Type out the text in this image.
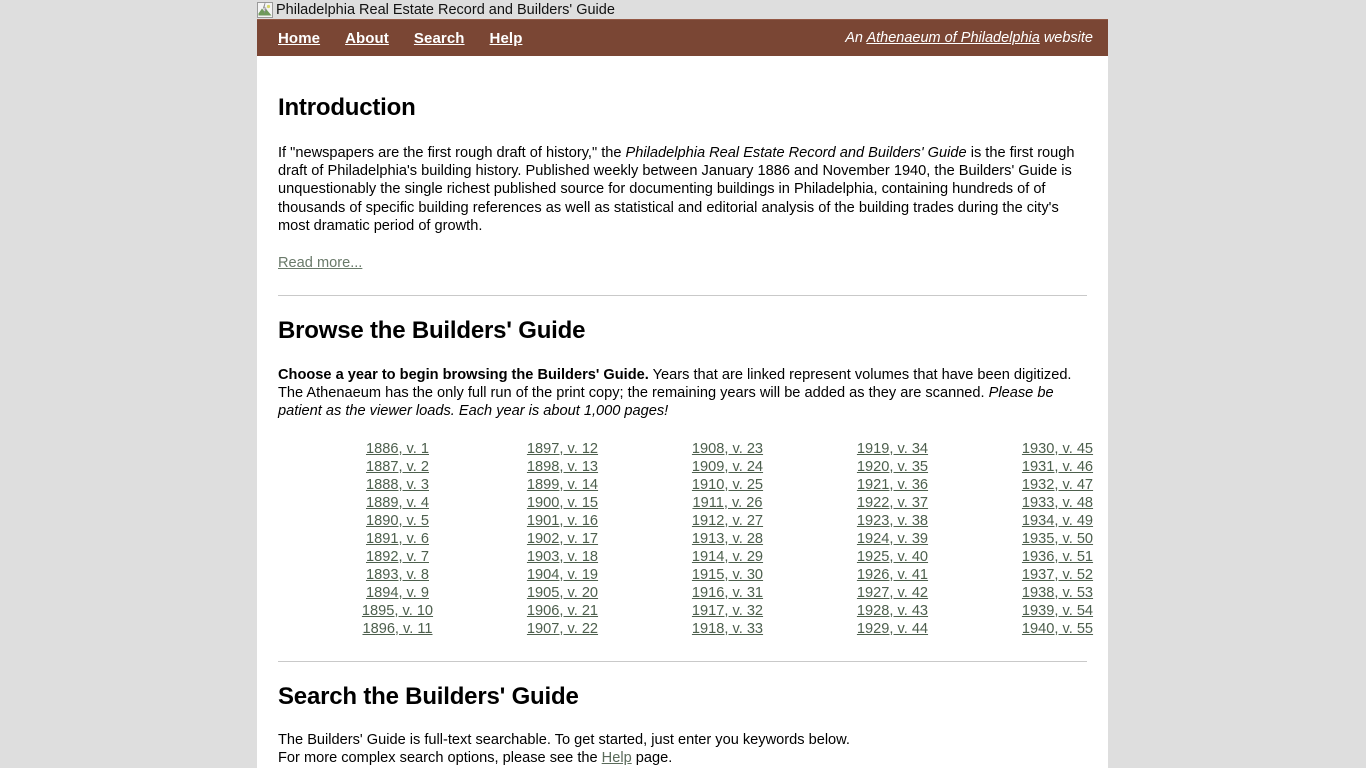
Philadelphia Real Estate Record and Builders' Guide
Home About Search Help	An Athenaeum of Philadelphia website
Introduction

If "newspapers are the first rough draft of history," the Philadelphia Real Estate Record and Builders' Guide is the first rough draft of Philadelphia's building history. Published weekly between January 1886 and November 1940, the Builders' Guide is unquestionably the single richest published source for documenting buildings in Philadelphia, containing hundreds of of thousands of specific building references as well as statistical and editorial analysis of the building trades during the city's most dramatic period of growth.

Read more...
Browse the Builders' Guide

Choose a year to begin browsing the Builders' Guide. Years that are linked represent volumes that have been digitized. The Athenaeum has the only full run of the print copy; the remaining years will be added as they are scanned. Please be patient as the viewer loads. Each year is about 1,000 pages!

1886, v. 1
1887, v. 2
1888, v. 3
1889, v. 4
1890, v. 5
1891, v. 6
1892, v. 7
1893, v. 8
1894, v. 9
1895, v. 10
1896, v. 11
1897, v. 12
1898, v. 13
1899, v. 14
1900, v. 15
1901, v. 16
1902, v. 17
1903, v. 18
1904, v. 19
1905, v. 20
1906, v. 21
1907, v. 22
1908, v. 23
1909, v. 24
1910, v. 25
1911, v. 26
1912, v. 27
1913, v. 28
1914, v. 29
1915, v. 30
1916, v. 31
1917, v. 32
1918, v. 33
1919, v. 34
1920, v. 35
1921, v. 36
1922, v. 37
1923, v. 38
1924, v. 39
1925, v. 40
1926, v. 41
1927, v. 42
1928, v. 43
1929, v. 44
1930, v. 45
1931, v. 46
1932, v. 47
1933, v. 48
1934, v. 49
1935, v. 50
1936, v. 51
1937, v. 52
1938, v. 53
1939, v. 54
1940, v. 55
Search the Builders' Guide

The Builders' Guide is full-text searchable. To get started, just enter you keywords below.
For more complex search options, please see the Help page.
